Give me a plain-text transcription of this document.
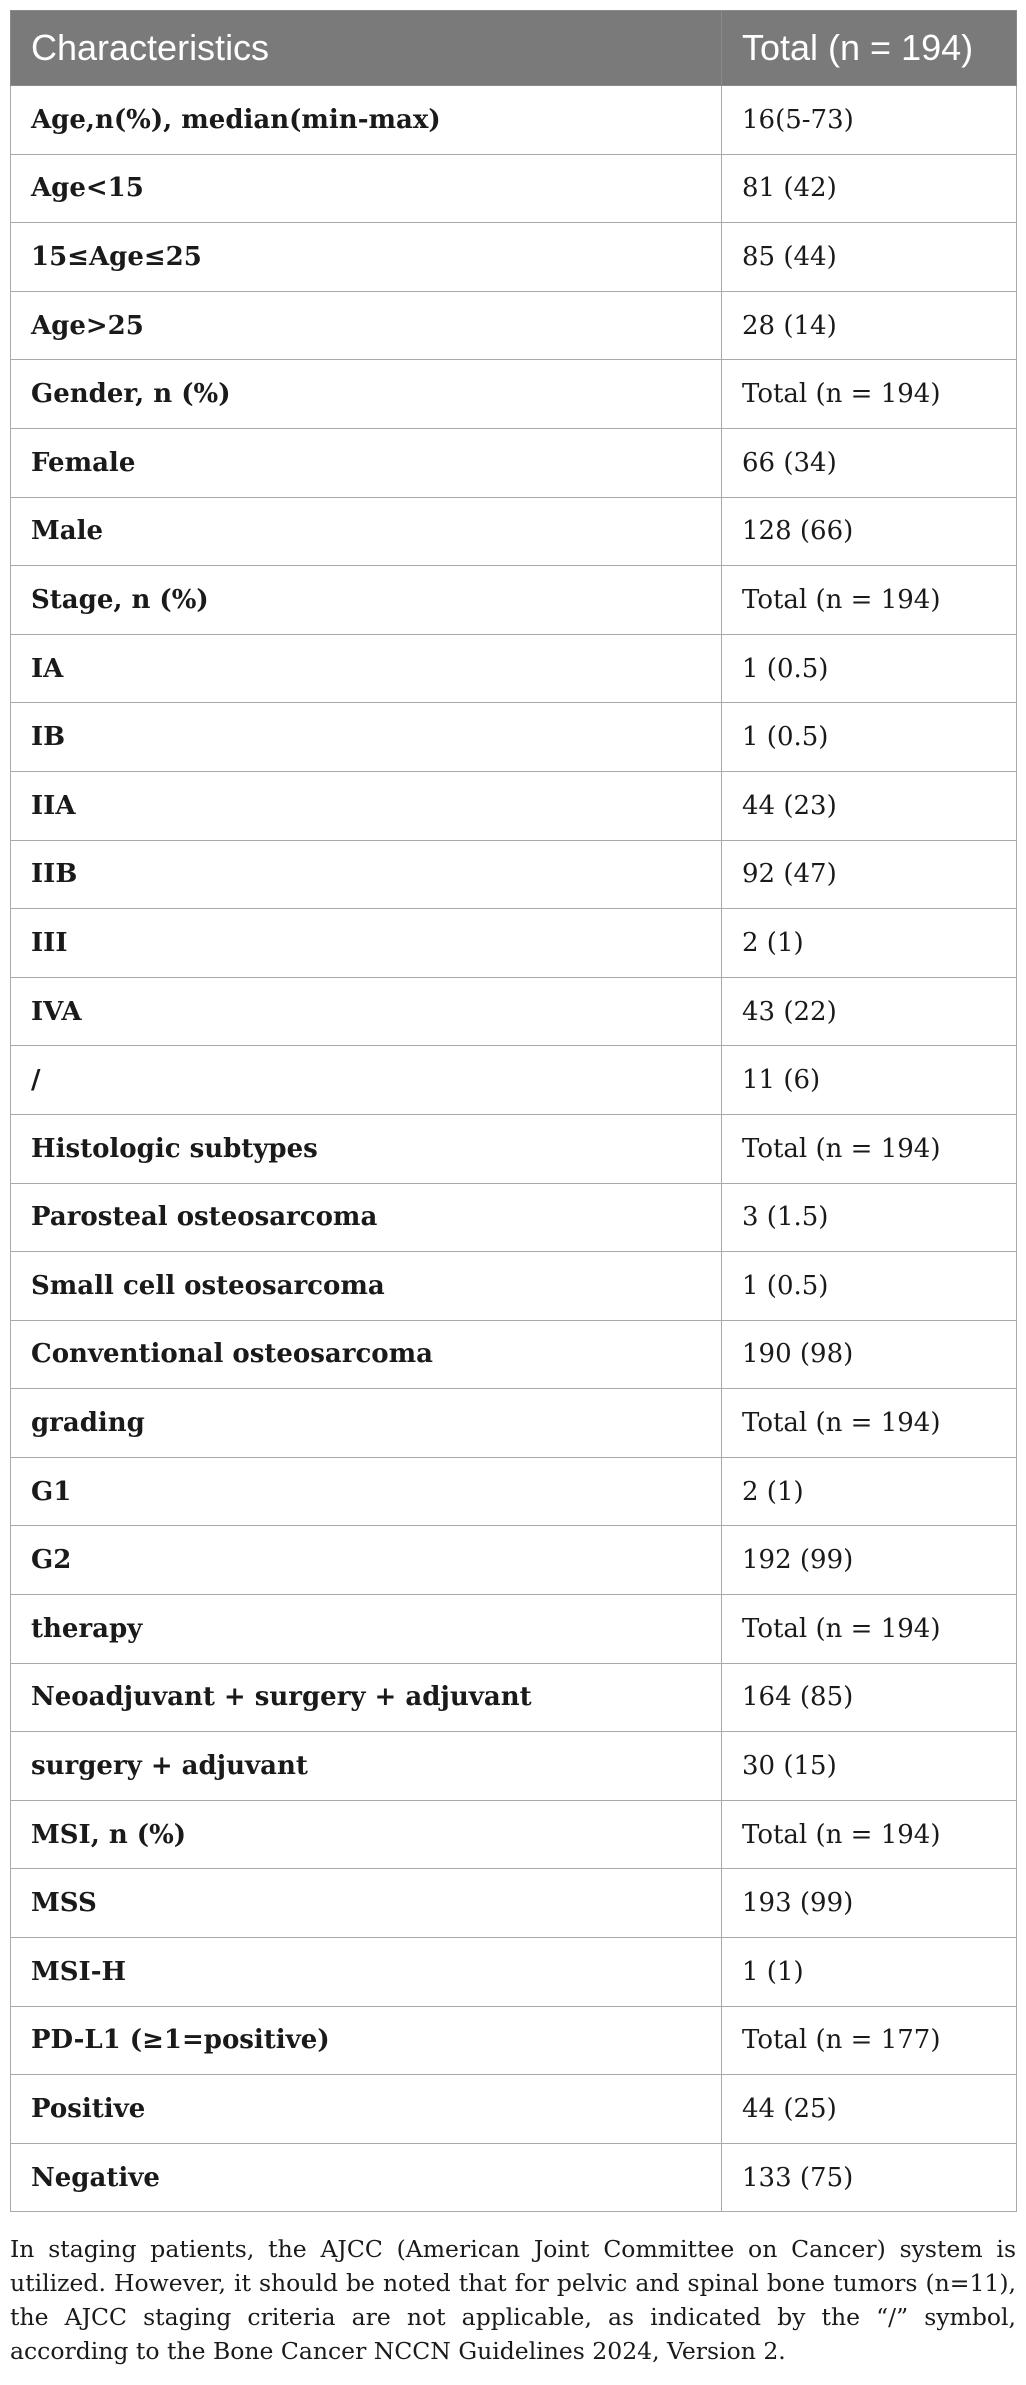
Characteristics	Total (n = 194)
Age,n(%), median(min-max)	16(5-73)
Age<15	81 (42)
15≤Age≤25	85 (44)
Age>25	28 (14)
Gender, n (%)	Total (n = 194)
Female	66 (34)
Male	128 (66)
Stage, n (%)	Total (n = 194)
IA	1 (0.5)
IB	1 (0.5)
IIA	44 (23)
IIB	92 (47)
III	2 (1)
IVA	43 (22)
/	11 (6)
Histologic subtypes	Total (n = 194)
Parosteal osteosarcoma	3 (1.5)
Small cell osteosarcoma	1 (0.5)
Conventional osteosarcoma	190 (98)
grading	Total (n = 194)
G1	2 (1)
G2	192 (99)
therapy	Total (n = 194)
Neoadjuvant + surgery + adjuvant	164 (85)
surgery + adjuvant	30 (15)
MSI, n (%)	Total (n = 194)
MSS	193 (99)
MSI-H	1 (1)
PD-L1 (≥1=positive)	Total (n = 177)
Positive	44 (25)
Negative	133 (75)
In staging patients, the AJCC (American Joint Committee on Cancer) system is utilized. However, it should be noted that for pelvic and spinal bone tumors (n=11), the AJCC staging criteria are not applicable, as indicated by the “/” symbol, according to the Bone Cancer NCCN Guidelines 2024, Version 2.
